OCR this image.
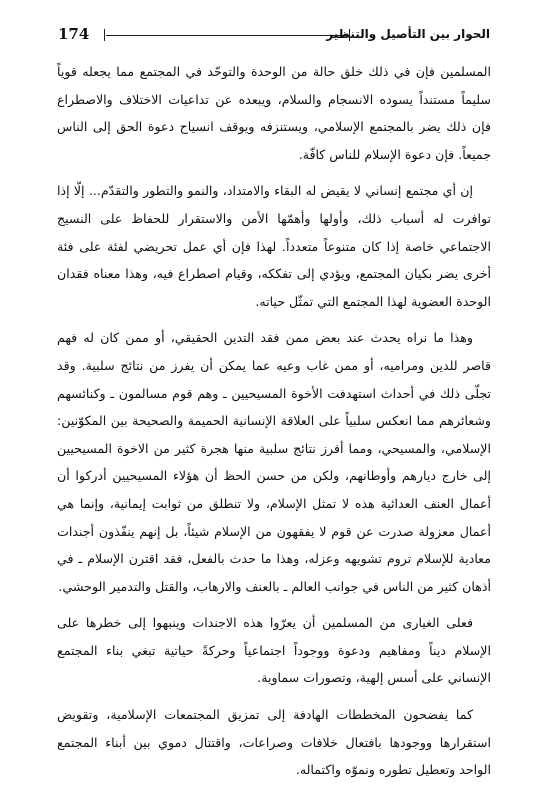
174	الحوار بين التأصيل والتنظير

المسلمين فإن في ذلك خلق حالة من الوحدة والتوحّد في المجتمع مما يجعله قوياً سليماً مستنداً يسوده الانسجام والسلام، ويبعده عن تداعيات الاختلاف والاصطراع فإن ذلك يضر بالمجتمع الإسلامي، ويستنزفه ويوقف انسياح دعوة الحق إلى الناس جميعاً. فإن دعوة الإسلام للناس كافّة.

إن أي مجتمع إنساني لا يقيض له البقاء والامتداد، والنمو والتطور والتقدّم... إلّا إذا توافرت له أسباب ذلك، وأولها وأهمّها الأمن والاستقرار للحفاظ على النسيج الاجتماعي خاصة إذا كان متنوعاً متعدداً. لهذا فإن أي عمل تحريضي لفئة على فئة أخرى يضر بكيان المجتمع، ويؤدي إلى تفككه، وقيام اصطراع فيه، وهذا معناه فقدان الوحدة العضوية لهذا المجتمع التي تمثّل حياته.

وهذا ما نراه يحدث عند بعض ممن فقد التدين الحقيقي، أو ممن كان له فهم قاصر للدين ومراميه، أو ممن غاب وعيه عما يمكن أن يفرز من نتائج سلبية. وقد تجلّى ذلك في أحداث استهدفت الأخوة المسيحيين ـ وهم قوم مسالمون ـ وكنائسهم وشعائرهم مما انعكس سلبياً على العلاقة الإنسانية الحميمة والصحيحة بين المكوّنين: الإسلامي، والمسيحي، ومما أفرز نتائج سلبية منها هجرة كثير من الاخوة المسيحيين إلى خارج ديارهم وأوطانهم، ولكن من حسن الحظ أن هؤلاء المسيحيين أدركوا أن أعمال العنف العدائية هذه لا تمثل الإسلام، ولا تنطلق من ثوابت إيمانية، وإنما هي أعمال معزولة صدرت عن قوم لا يفقهون من الإسلام شيئاً، بل إنهم ينفّذون أجندات معادية للإسلام تروم تشويهه وعزله، وهذا ما حدث بالفعل، فقد اقترن الإسلام ـ في أذهان كثير من الناس في جوانب العالم ـ بالعنف والارهاب، والقتل والتدمير الوحشي.

فعلى الغيارى من المسلمين أن يعرّوا هذه الاجندات وينبهوا إلى خطرها على الإسلام ديناً ومفاهيم ودعوة ووجوداً اجتماعياً وحركةً حياتية تبغي بناء المجتمع الإنساني على أسس إلهية، وتصورات سماوية.

كما يفضحون المخططات الهادفة إلى تمزيق المجتمعات الإسلامية، وتقويض استقرارها ووجودها بافتعال خلافات وصراعات، واقتتال دموي بين أبناء المجتمع الواحد وتعطيل تطوره ونموّه واكتماله.
